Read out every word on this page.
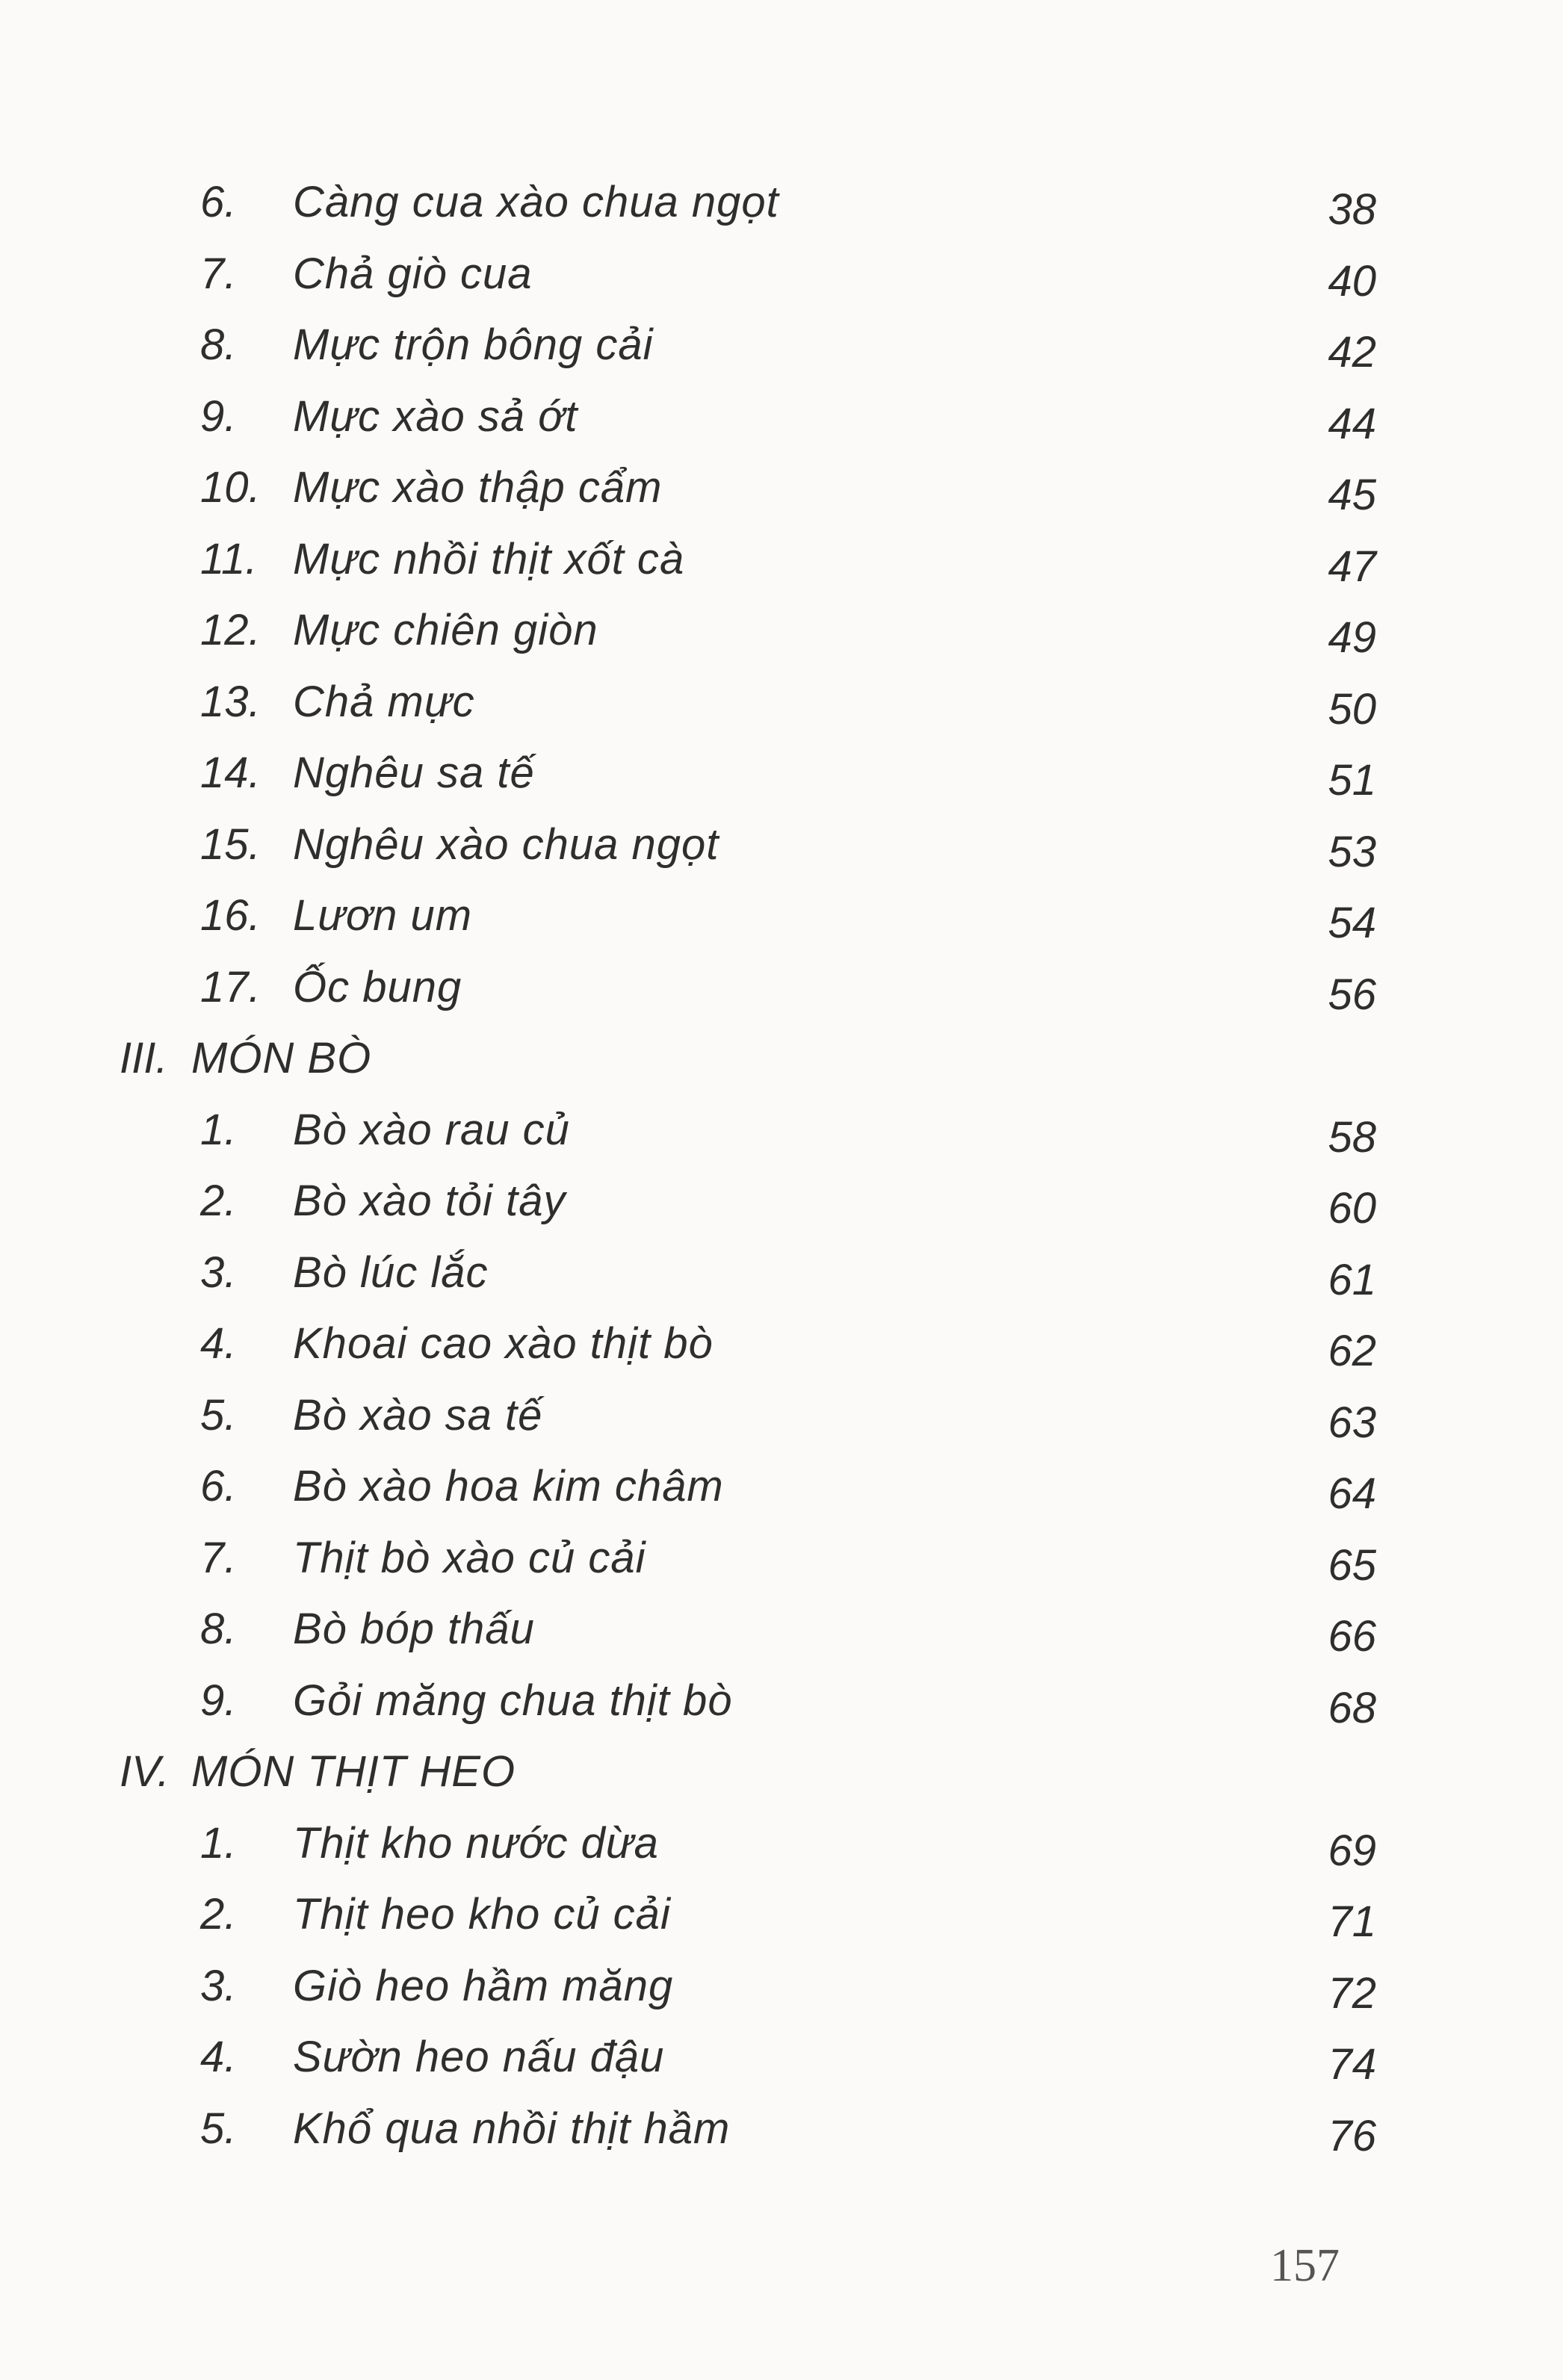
6. Càng cua xào chua ngọt	38
7. Chả giò cua	40
8. Mực trộn bông cải	42
9. Mực xào sả ớt	44
10. Mực xào thập cẩm	45
11. Mực nhồi thịt xốt cà	47
12. Mực chiên giòn	49
13. Chả mực	50
14. Nghêu sa tế	51
15. Nghêu xào chua ngọt	53
16. Lươn um	54
17. Ốc bung	56
III. MÓN BÒ
1. Bò xào rau củ	58
2. Bò xào tỏi tây	60
3. Bò lúc lắc	61
4. Khoai cao xào thịt bò	62
5. Bò xào sa tế	63
6. Bò xào hoa kim châm	64
7. Thịt bò xào củ cải	65
8. Bò bóp thấu	66
9. Gỏi măng chua thịt bò	68
IV. MÓN THỊT HEO
1. Thịt kho nước dừa	69
2. Thịt heo kho củ cải	71
3. Giò heo hầm măng	72
4. Sườn heo nấu đậu	74
5. Khổ qua nhồi thịt hầm	76
157
